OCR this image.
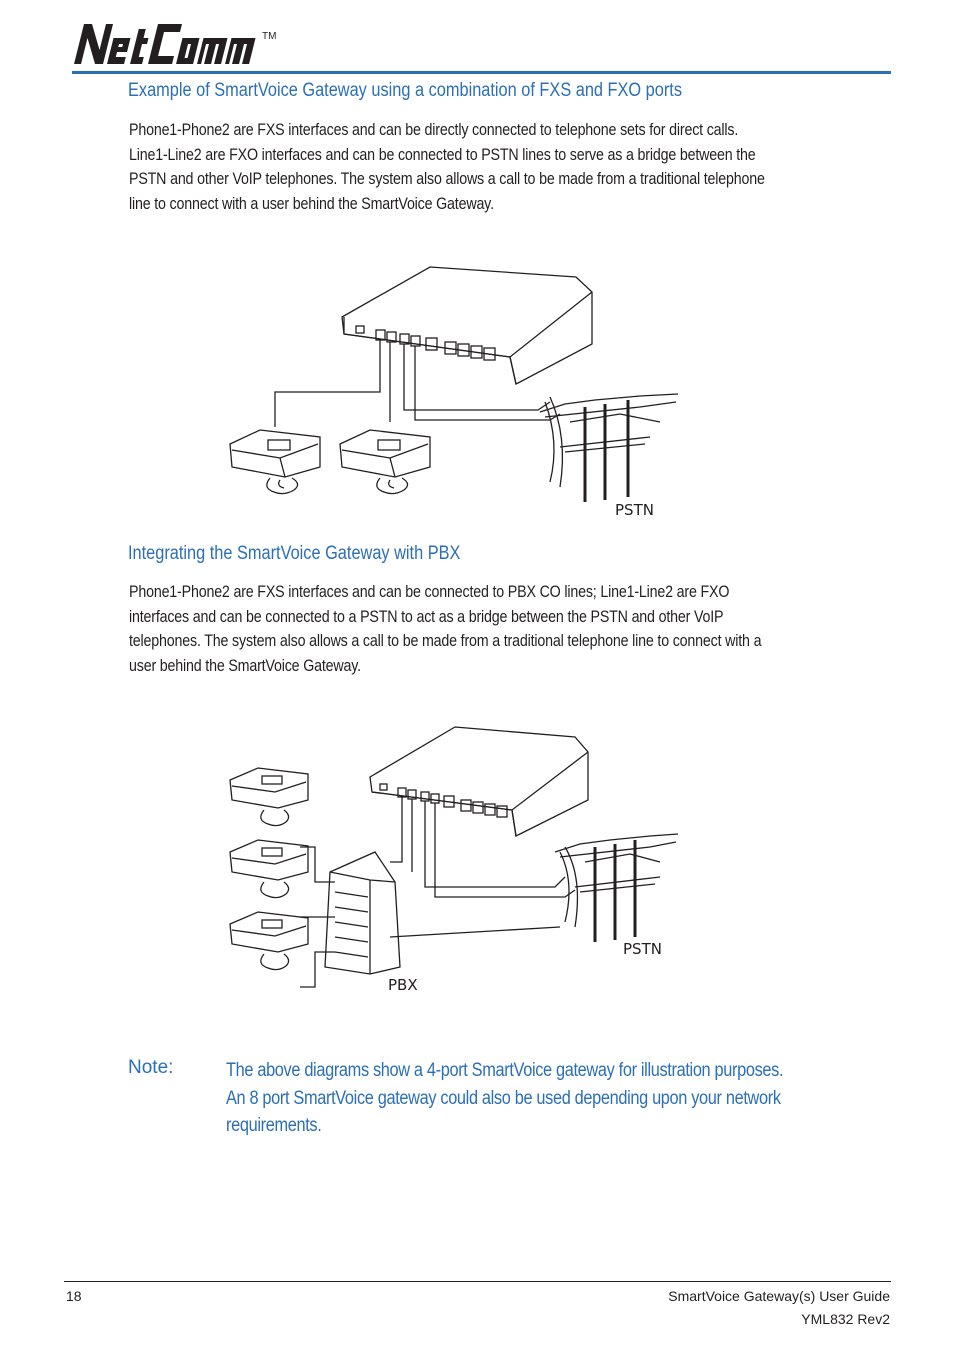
TM
Example of SmartVoice Gateway using a combination of FXS and FXO ports
Phone1-Phone2 are FXS interfaces and can be directly connected to telephone sets for direct calls.
Line1-Line2 are FXO interfaces and can be connected to PSTN lines to serve as a bridge between the
PSTN and other VoIP telephones. The system also allows a call to be made from a traditional telephone
line to connect with a user behind the SmartVoice Gateway.
PSTN
Integrating the SmartVoice Gateway with PBX
Phone1-Phone2 are FXS interfaces and can be connected to PBX CO lines; Line1-Line2 are FXO
interfaces and can be connected to a PSTN to act as a bridge between the PSTN and other VoIP
telephones. The system also allows a call to be made from a traditional telephone line to connect with a
user behind the SmartVoice Gateway.
PSTN
PBX
Note:	The above diagrams show a 4-port SmartVoice gateway for illustration purposes.
An 8 port SmartVoice gateway could also be used depending upon your network
requirements.
18	SmartVoice Gateway(s) User Guide
YML832 Rev2
